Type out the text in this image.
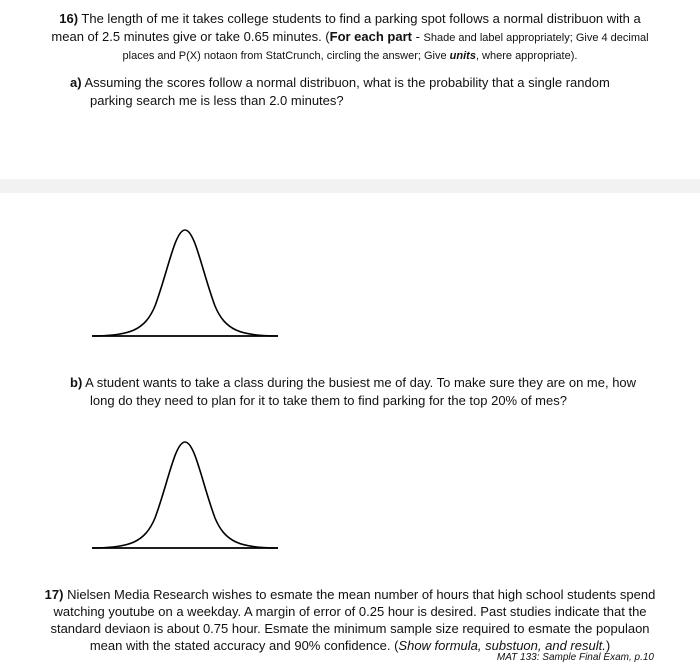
16) The length of me it takes college students to find a parking spot follows a normal distribuon with a
mean of 2.5 minutes give or take 0.65 minutes. (For each part - Shade and label appropriately; Give 4 decimal
places and P(X) notaon from StatCrunch, circling the answer; Give units, where appropriate).
a) Assuming the scores follow a normal distribuon, what is the probability that a single random
parking search me is less than 2.0 minutes?
b) A student wants to take a class during the busiest me of day. To make sure they are on me, how
long do they need to plan for it to take them to find parking for the top 20% of mes?
17) Nielsen Media Research wishes to esmate the mean number of hours that high school students spend
watching youtube on a weekday. A margin of error of 0.25 hour is desired. Past studies indicate that the
standard deviaon is about 0.75 hour. Esmate the minimum sample size required to esmate the populaon
mean with the stated accuracy and 90% confidence. (Show formula, substuon, and result.)
MAT 133: Sample Final Exam, p.10
